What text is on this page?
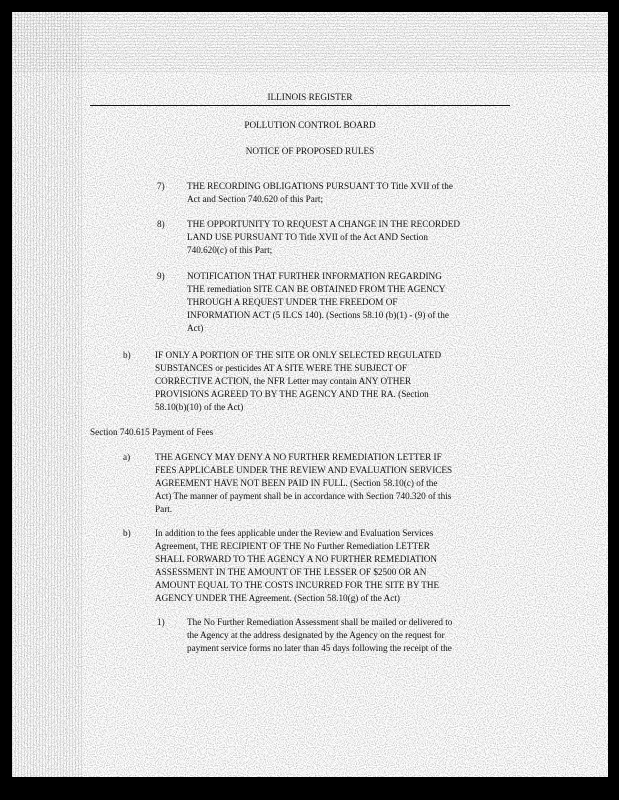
ILLINOIS REGISTER
POLLUTION CONTROL BOARD
NOTICE OF PROPOSED RULES
7) THE RECORDING OBLIGATIONS PURSUANT TO Title XVII of the
Act and Section 740.620 of this Part;
8) THE OPPORTUNITY TO REQUEST A CHANGE IN THE RECORDED
LAND USE PURSUANT TO Title XVII of the Act AND Section
740.620(c) of this Part;
9) NOTIFICATION THAT FURTHER INFORMATION REGARDING
THE remediation SITE CAN BE OBTAINED FROM THE AGENCY
THROUGH A REQUEST UNDER THE FREEDOM OF
INFORMATION ACT (5 ILCS 140). (Sections 58.10 (b)(1) - (9) of the
Act)
b)	IF ONLY A PORTION OF THE SITE OR ONLY SELECTED REGULATED
SUBSTANCES or pesticides AT A SITE WERE THE SUBJECT OF
CORRECTIVE ACTION, the NFR Letter may contain ANY OTHER
PROVISIONS AGREED TO BY THE AGENCY AND THE RA. (Section
58.10(b)(10) of the Act)
Section 740.615 Payment of Fees
a)	THE AGENCY MAY DENY A NO FURTHER REMEDIATION LETTER IF
FEES APPLICABLE UNDER THE REVIEW AND EVALUATION SERVICES
AGREEMENT HAVE NOT BEEN PAID IN FULL. (Section 58.10(c) of the
Act) The manner of payment shall be in accordance with Section 740.320 of this
Part.
b)	In addition to the fees applicable under the Review and Evaluation Services
Agreement, THE RECIPIENT OF THE No Further Remediation LETTER
SHALL FORWARD TO THE AGENCY A NO FURTHER REMEDIATION
ASSESSMENT IN THE AMOUNT OF THE LESSER OF $2500 OR AN
AMOUNT EQUAL TO THE COSTS INCURRED FOR THE SITE BY THE
AGENCY UNDER THE Agreement. (Section 58.10(g) of the Act)
1) The No Further Remediation Assessment shall be mailed or delivered to
the Agency at the address designated by the Agency on the request for
payment service forms no later than 45 days following the receipt of the
